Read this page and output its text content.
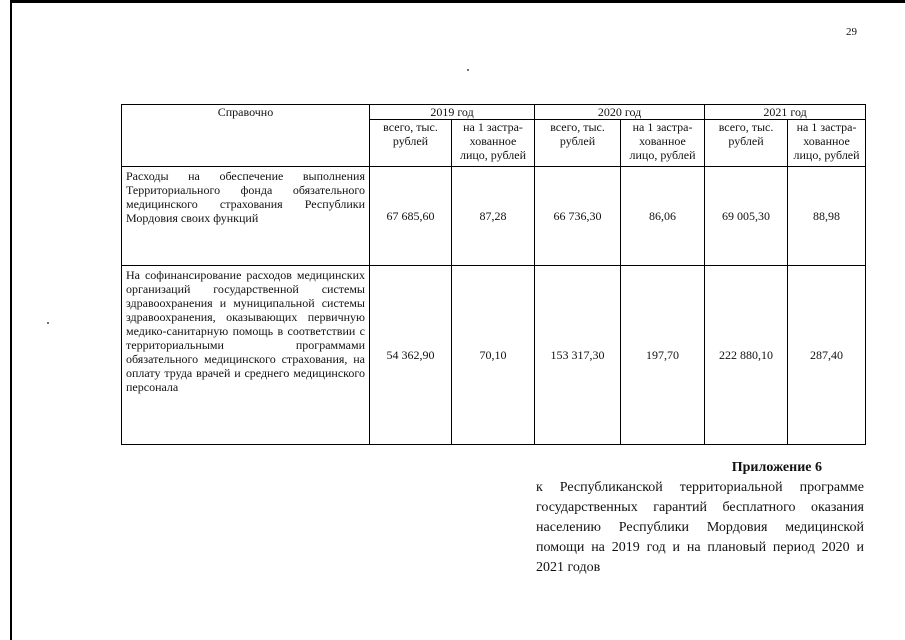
29
Справочно	2019 год		2020 год		2021 год	
	всего, тыс. рублей	на 1 застра-хованное лицо, рублей	всего, тыс. рублей	на 1 застра-хованное лицо, рублей	всего, тыс. рублей	на 1 застра-хованное лицо, рублей
Расходы на обеспечение выполнения Территориального фонда обязательного медицинского страхования Республики Мордовия своих функций	67 685,60	87,28	66 736,30	86,06	69 005,30	88,98
На софинансирование расходов медицинских организаций государственной системы здравоохранения и муниципальной системы здравоохранения, оказывающих первичную медико-санитарную помощь в соответствии с территориальными программами обязательного медицинского страхования, на оплату труда врачей и среднего медицинского персонала	54 362,90	70,10	153 317,30	197,70	222 880,10	287,40
Приложение 6
к Республиканской территориальной программе государственных гарантий бесплатного оказания населению Республики Мордовия медицинской помощи на 2019 год и на плановый период 2020 и 2021 годов
